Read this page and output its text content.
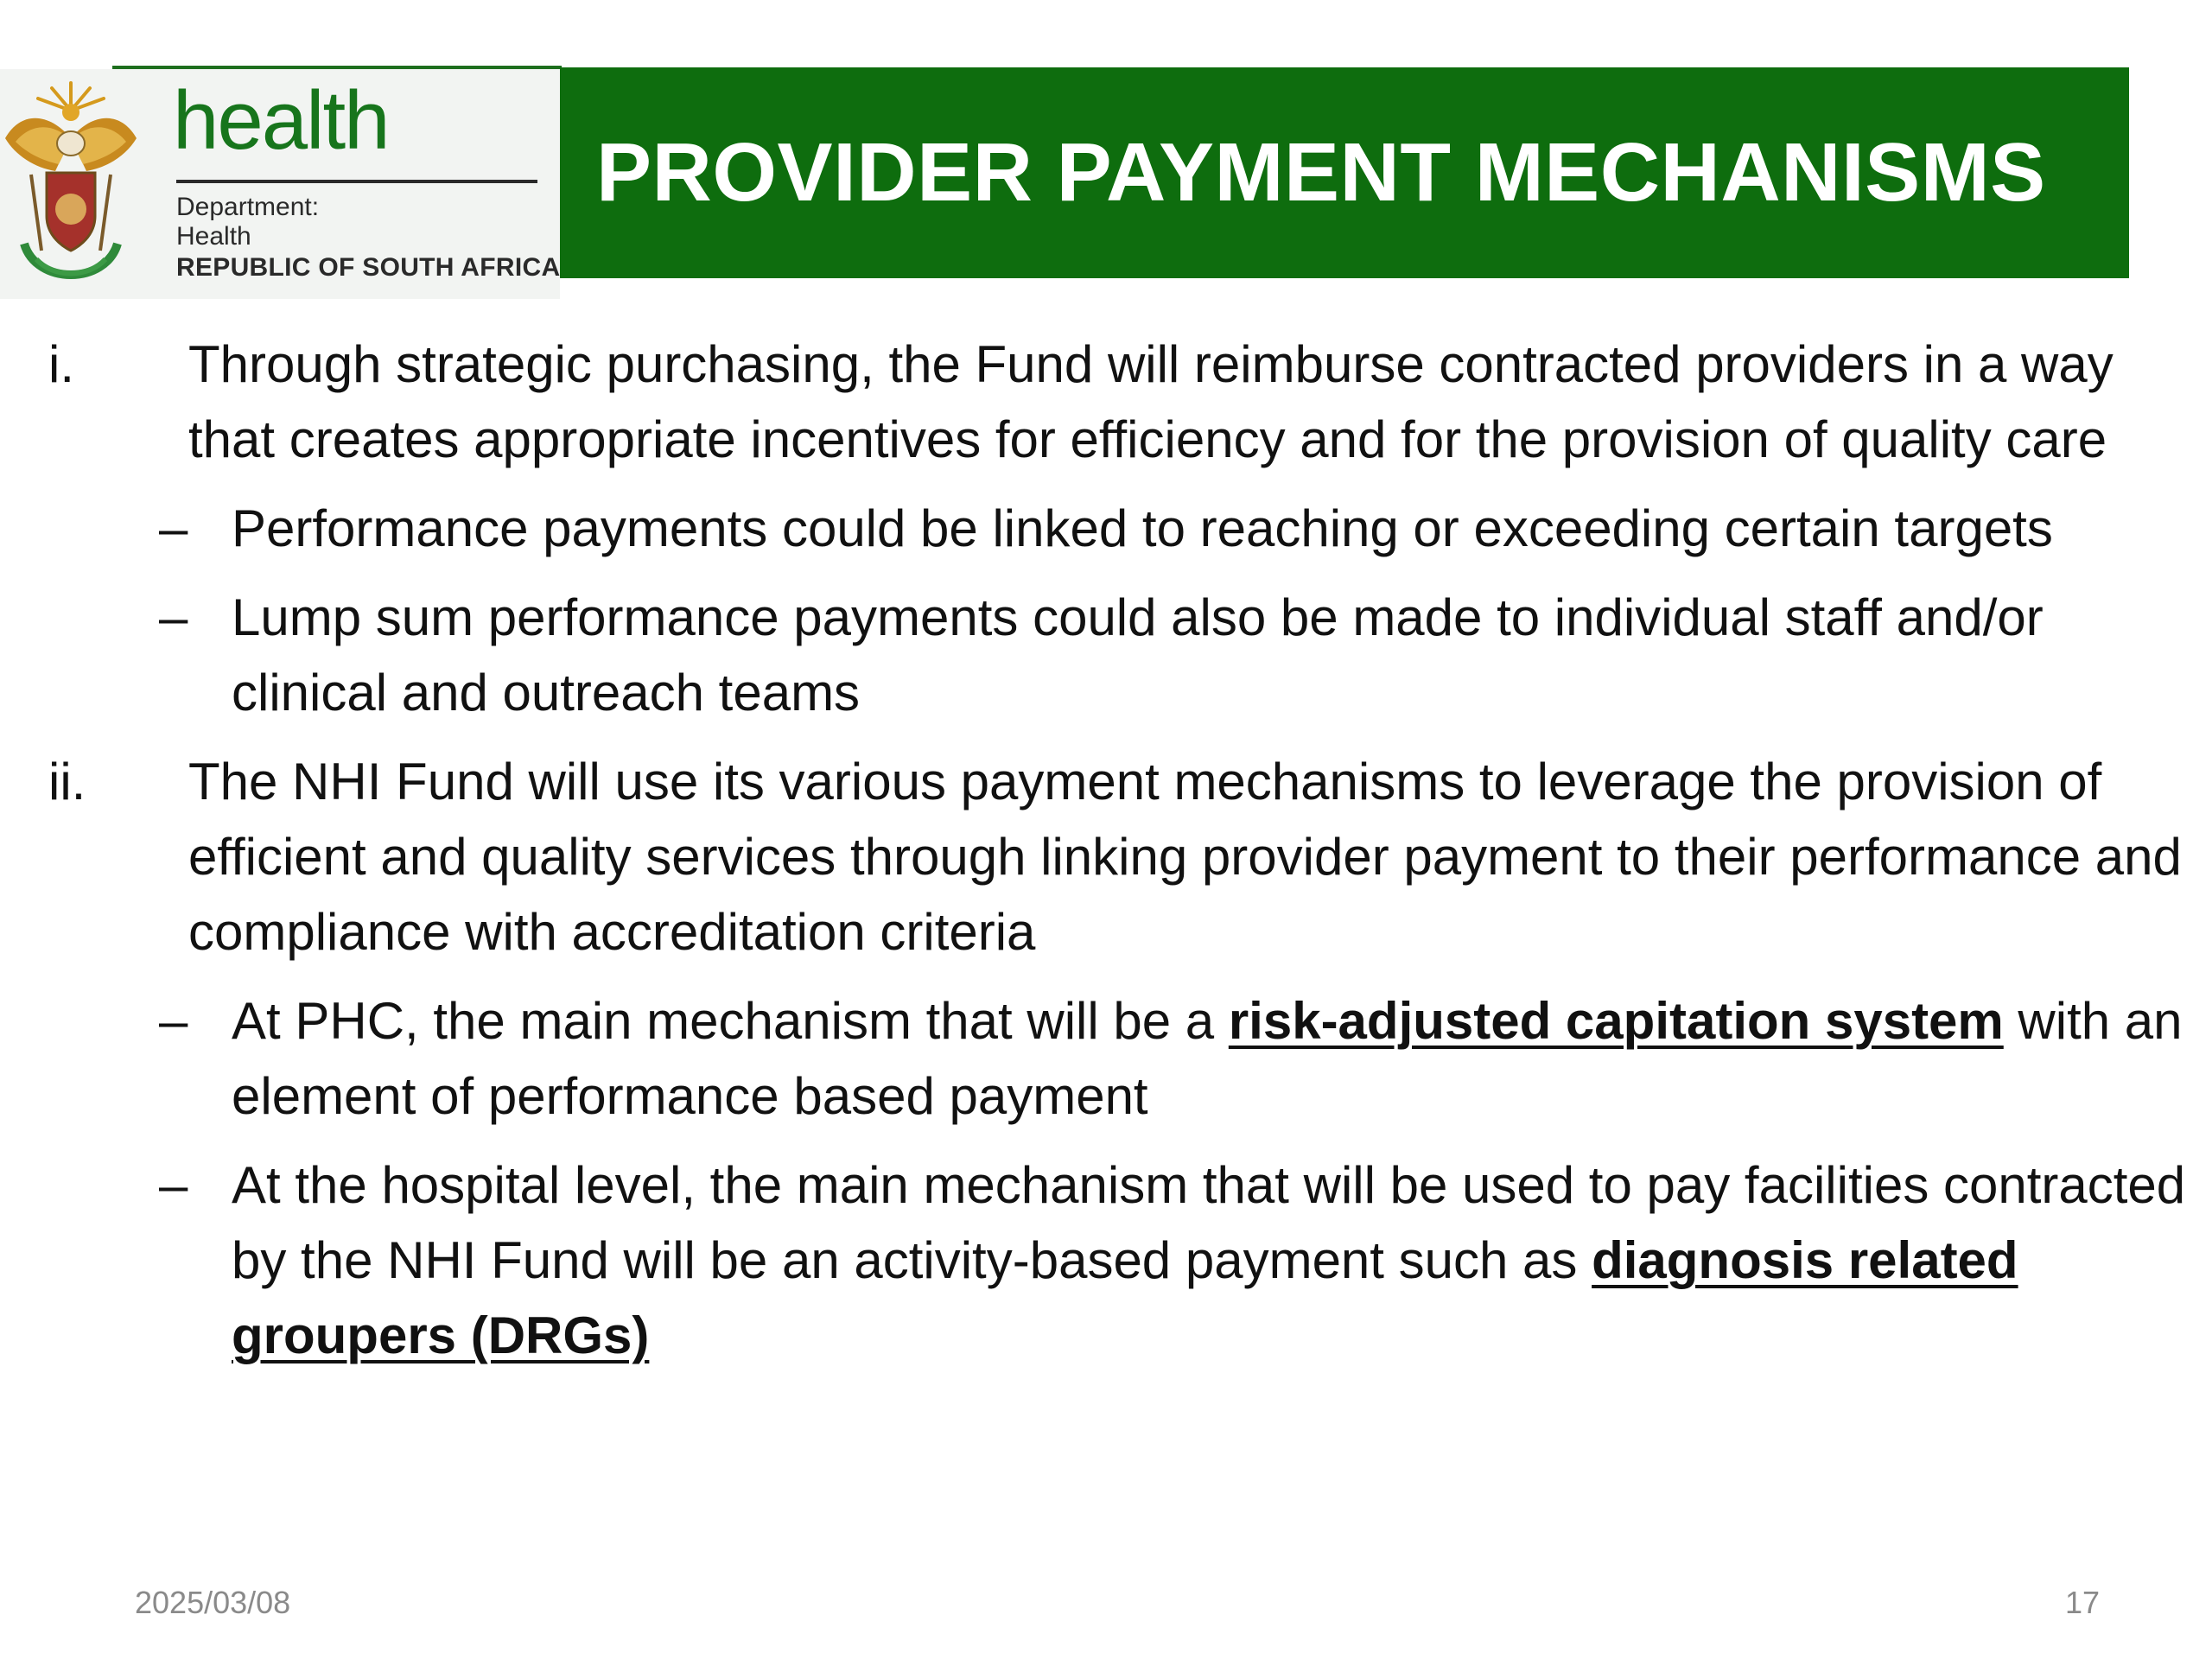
health
Department:
Health
REPUBLIC OF SOUTH AFRICA
PROVIDER PAYMENT MECHANISMS
i. Through strategic purchasing, the Fund will reimburse contracted providers in a way that creates appropriate incentives for efficiency and for the provision of quality care
– Performance payments could be linked to reaching or exceeding certain targets
– Lump sum performance payments could also be made to individual staff and/or clinical and outreach teams
ii. The NHI Fund will use its various payment mechanisms to leverage the provision of efficient and quality services through linking provider payment to their performance and compliance with accreditation criteria
– At PHC, the main mechanism that will be a risk-adjusted capitation system with an element of performance based payment
– At the hospital level, the main mechanism that will be used to pay facilities contracted by the NHI Fund will be an activity-based payment such as diagnosis related groupers (DRGs)
2025/03/08	17
